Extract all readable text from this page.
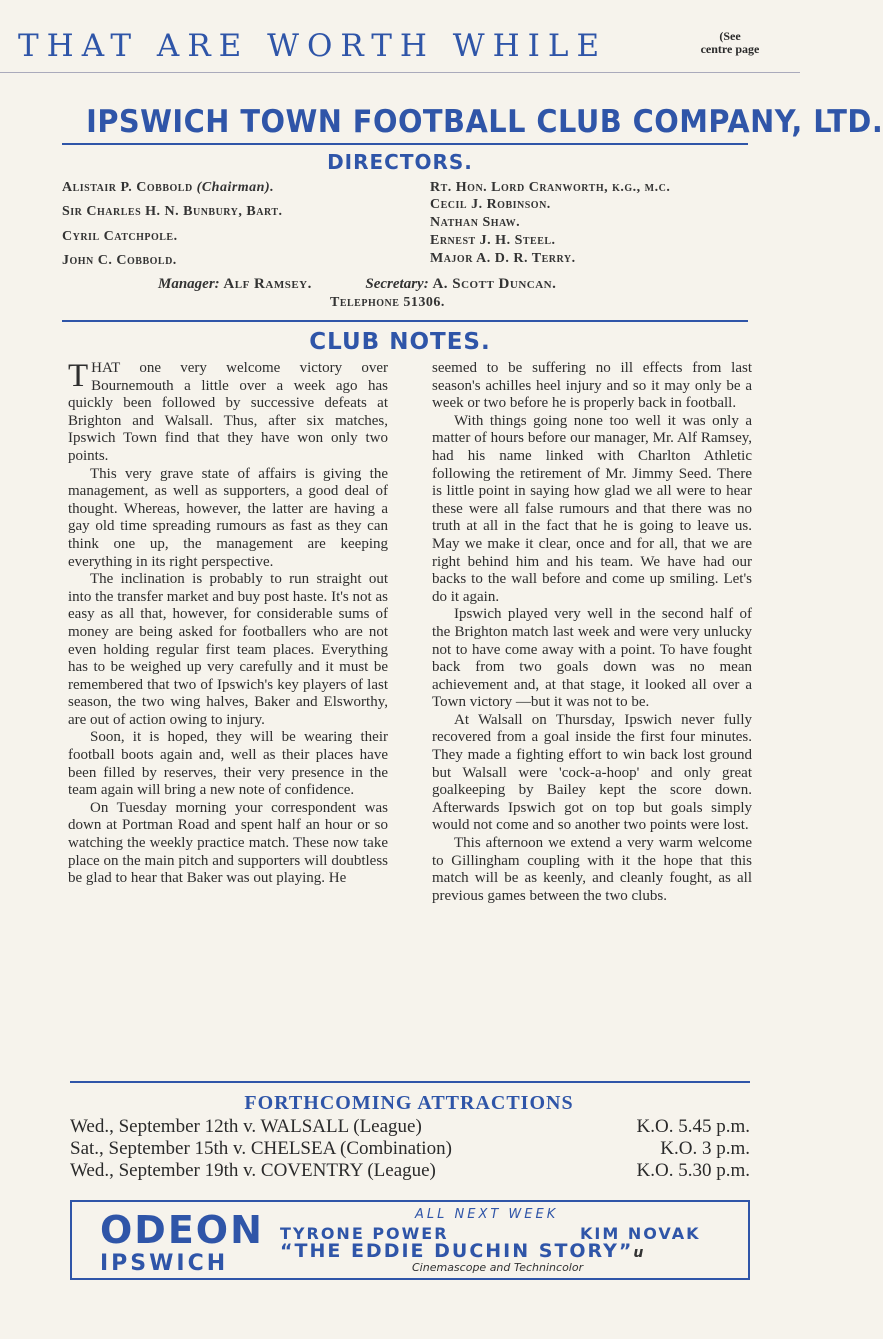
THAT ARE WORTH WHILE	(See
centre page
IPSWICH TOWN FOOTBALL CLUB COMPANY, LTD.
DIRECTORS.
Alistair P. Cobbold (Chairman).
Sir Charles H. N. Bunbury, Bart.
Cyril Catchpole.
John C. Cobbold.
Rt. Hon. Lord Cranworth, k.g., m.c.
Cecil J. Robinson.
Nathan Shaw.
Ernest J. H. Steel.
Major A. D. R. Terry.
Manager: Alf Ramsey.	Secretary: A. Scott Duncan.
Telephone 51306.
CLUB NOTES.

THAT one very welcome victory over Bournemouth a little over a week ago has quickly been followed by successive defeats at Brighton and Walsall. Thus, after six matches, Ipswich Town find that they have won only two points.

This very grave state of affairs is giving the management, as well as supporters, a good deal of thought. Whereas, however, the latter are having a gay old time spreading rumours as fast as they can think one up, the management are keeping everything in its right perspective.

The inclination is probably to run straight out into the transfer market and buy post haste. It's not as easy as all that, however, for considerable sums of money are being asked for footballers who are not even holding regular first team places. Everything has to be weighed up very carefully and it must be remembered that two of Ipswich's key players of last season, the two wing halves, Baker and Elsworthy, are out of action owing to injury.

Soon, it is hoped, they will be wearing their football boots again and, well as their places have been filled by reserves, their very presence in the team again will bring a new note of confidence.

On Tuesday morning your correspondent was down at Portman Road and spent half an hour or so watching the weekly practice match. These now take place on the main pitch and supporters will doubtless be glad to hear that Baker was out playing. He

seemed to be suffering no ill effects from last season's achilles heel injury and so it may only be a week or two before he is properly back in football.

With things going none too well it was only a matter of hours before our manager, Mr. Alf Ramsey, had his name linked with Charlton Athletic following the retirement of Mr. Jimmy Seed. There is little point in saying how glad we all were to hear these were all false rumours and that there was no truth at all in the fact that he is going to leave us. May we make it clear, once and for all, that we are right behind him and his team. We have had our backs to the wall before and come up smiling. Let's do it again.

Ipswich played very well in the second half of the Brighton match last week and were very unlucky not to have come away with a point. To have fought back from two goals down was no mean achievement and, at that stage, it looked all over a Town victory —but it was not to be.

At Walsall on Thursday, Ipswich never fully recovered from a goal inside the first four minutes. They made a fighting effort to win back lost ground but Walsall were 'cock-a-hoop' and only great goalkeeping by Bailey kept the score down. Afterwards Ipswich got on top but goals simply would not come and so another two points were lost.

This afternoon we extend a very warm welcome to Gillingham coupling with it the hope that this match will be as keenly, and cleanly fought, as all previous games between the two clubs.

FORTHCOMING ATTRACTIONS
Wed., September 12th v. WALSALL (League)	K.O. 5.45 p.m.
Sat., September 15th v. CHELSEA (Combination)	K.O. 3 p.m.
Wed., September 19th v. COVENTRY (League)	K.O. 5.30 p.m.
ODEON
IPSWICH
ALL NEXT WEEK
TYRONE POWER	KIM NOVAK
“THE EDDIE DUCHIN STORY”u
Cinemascope and Technincolor
